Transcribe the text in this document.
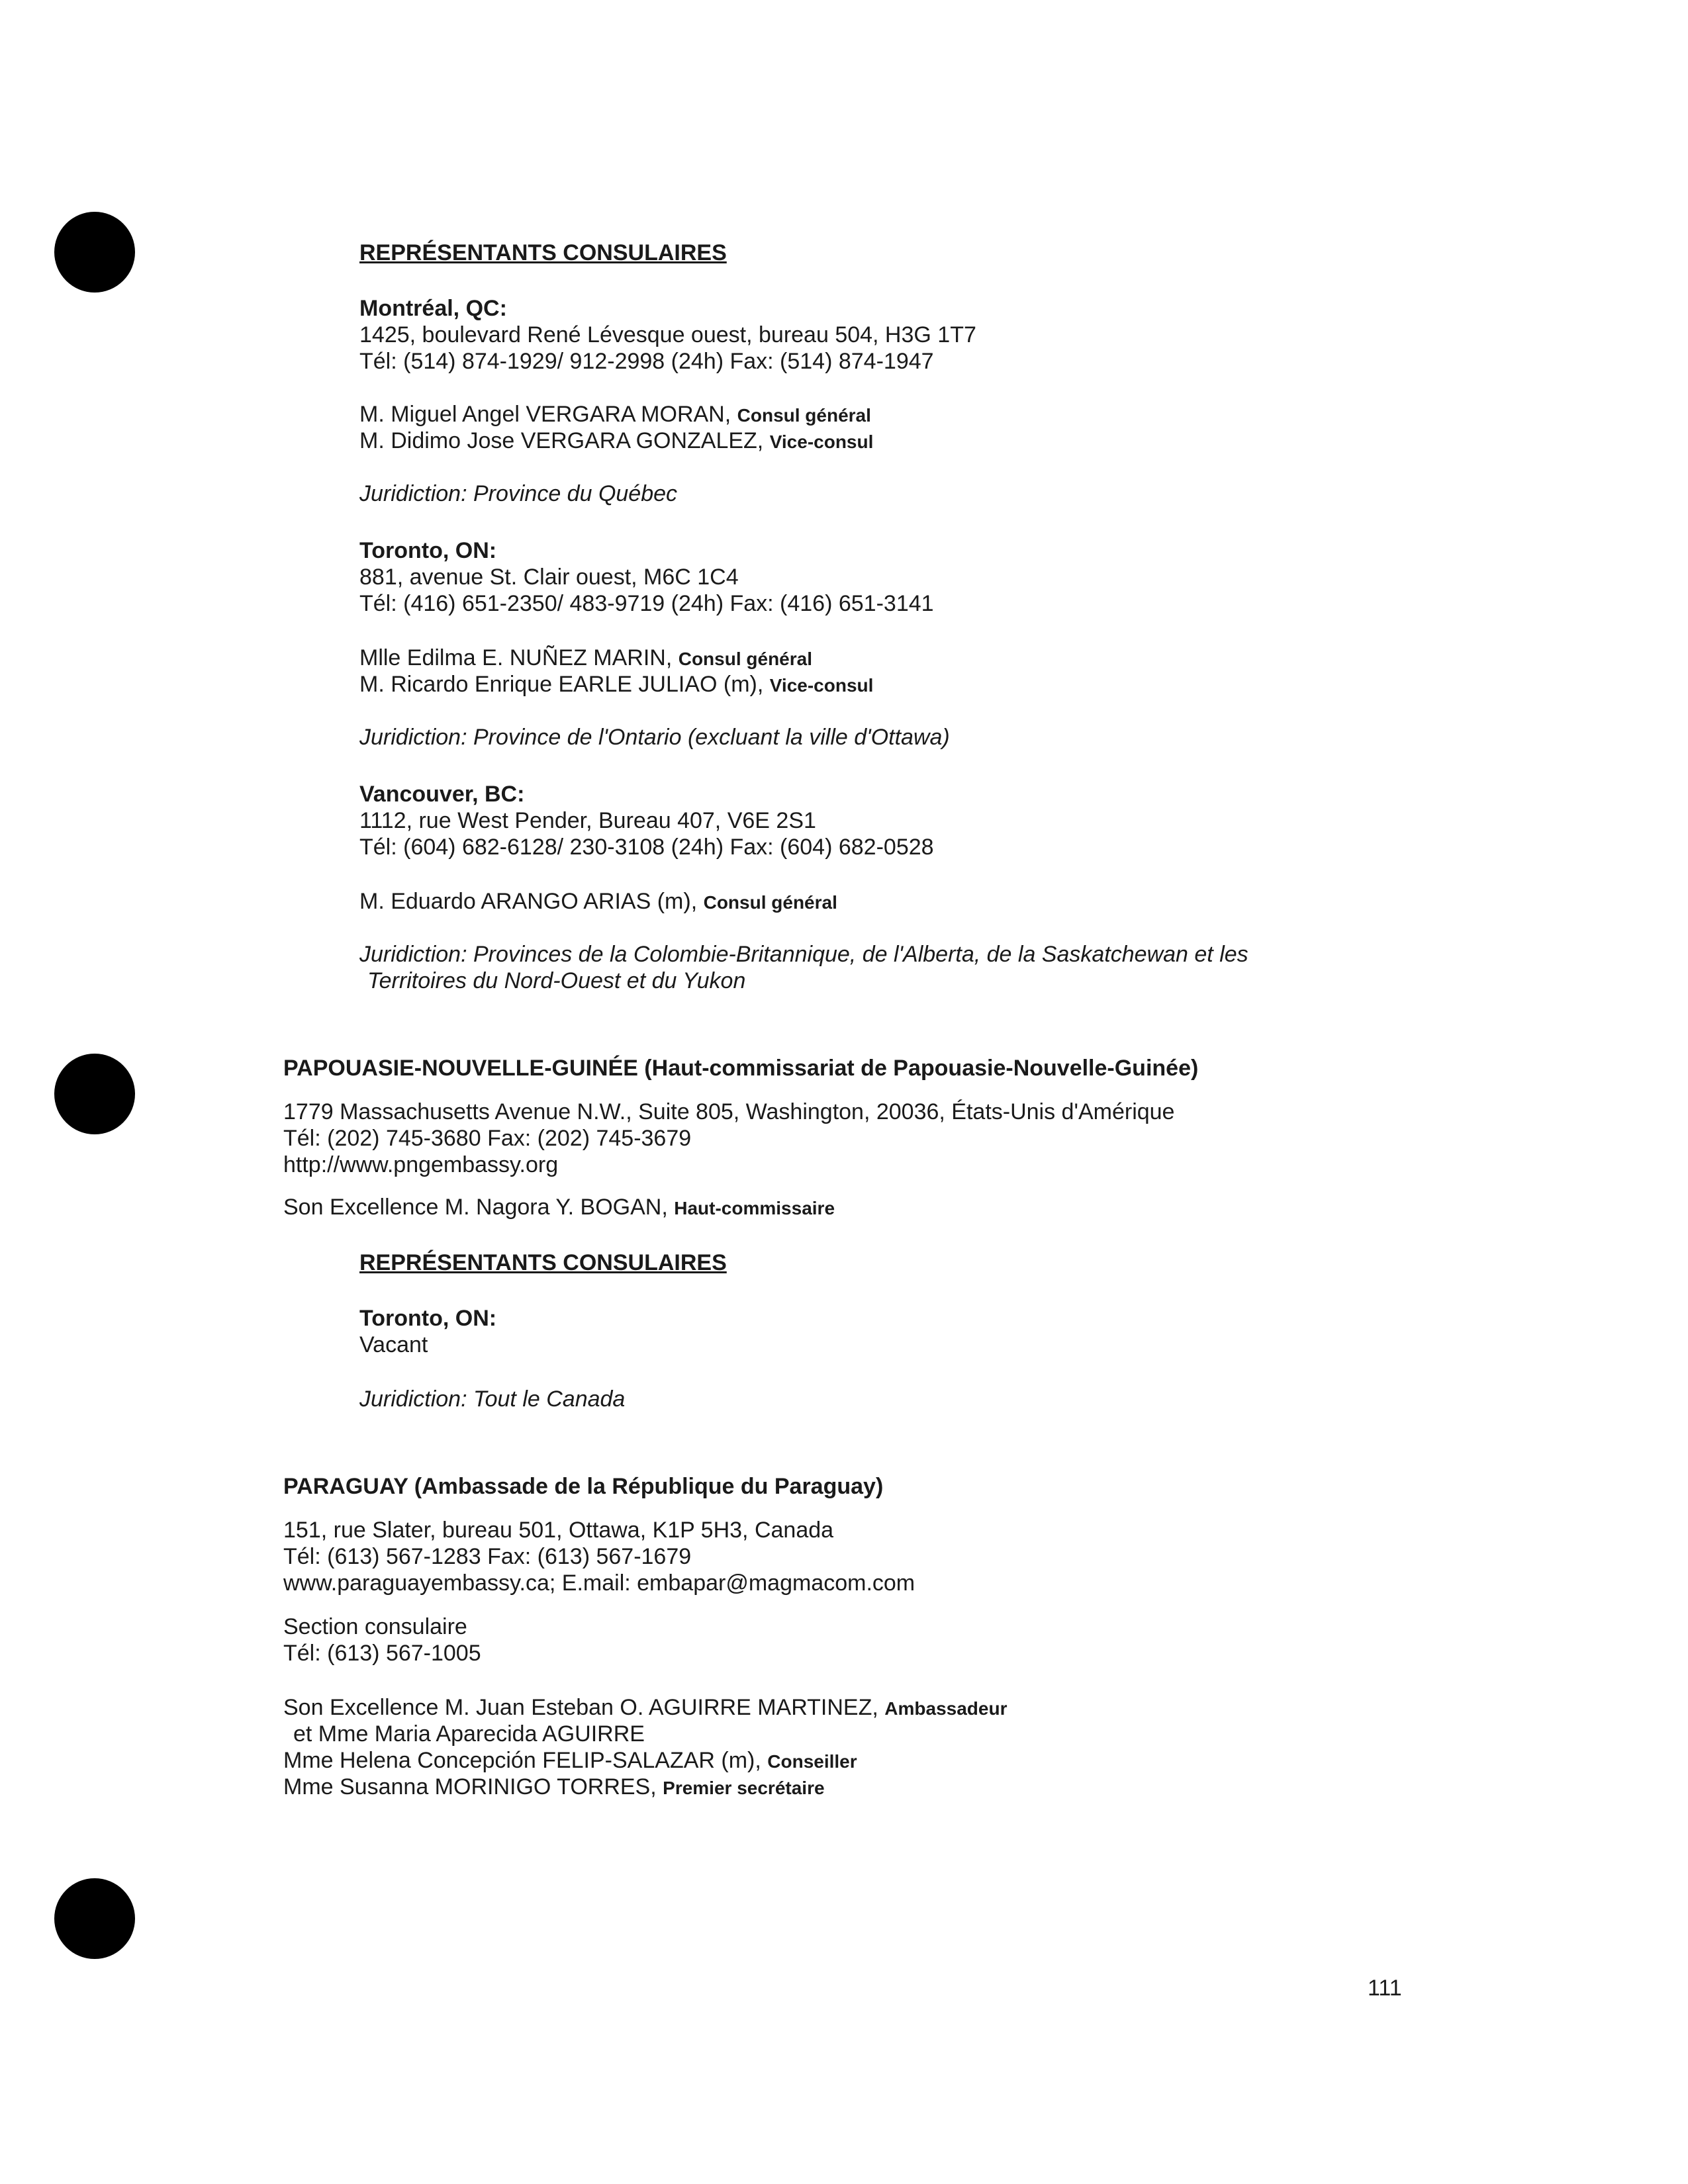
REPRÉSENTANTS CONSULAIRES
Montréal, QC:
1425, boulevard René Lévesque ouest, bureau 504, H3G 1T7
Tél: (514) 874-1929/ 912-2998 (24h) Fax: (514) 874-1947
M. Miguel Angel VERGARA MORAN, Consul général
M. Didimo Jose VERGARA GONZALEZ, Vice-consul
Juridiction: Province du Québec
Toronto, ON:
881, avenue St. Clair ouest, M6C 1C4
Tél: (416) 651-2350/ 483-9719 (24h) Fax: (416) 651-3141
Mlle Edilma E. NUÑEZ MARIN, Consul général
M. Ricardo Enrique EARLE JULIAO (m), Vice-consul
Juridiction: Province de l'Ontario (excluant la ville d'Ottawa)
Vancouver, BC:
1112, rue West Pender, Bureau 407, V6E 2S1
Tél: (604) 682-6128/ 230-3108 (24h) Fax: (604) 682-0528
M. Eduardo ARANGO ARIAS (m), Consul général
Juridiction: Provinces de la Colombie-Britannique, de l'Alberta, de la Saskatchewan et les
Territoires du Nord-Ouest et du Yukon
PAPOUASIE-NOUVELLE-GUINÉE (Haut-commissariat de Papouasie-Nouvelle-Guinée)
1779 Massachusetts Avenue N.W., Suite 805, Washington, 20036, États-Unis d'Amérique
Tél: (202) 745-3680 Fax: (202) 745-3679
http://www.pngembassy.org
Son Excellence M. Nagora Y. BOGAN, Haut-commissaire
REPRÉSENTANTS CONSULAIRES
Toronto, ON:
Vacant
Juridiction: Tout le Canada
PARAGUAY (Ambassade de la République du Paraguay)
151, rue Slater, bureau 501, Ottawa, K1P 5H3, Canada
Tél: (613) 567-1283 Fax: (613) 567-1679
www.paraguayembassy.ca; E.mail: embapar@magmacom.com
Section consulaire
Tél: (613) 567-1005
Son Excellence M. Juan Esteban O. AGUIRRE MARTINEZ, Ambassadeur
et Mme Maria Aparecida AGUIRRE
Mme Helena Concepción FELIP-SALAZAR (m), Conseiller
Mme Susanna MORINIGO TORRES, Premier secrétaire
111
